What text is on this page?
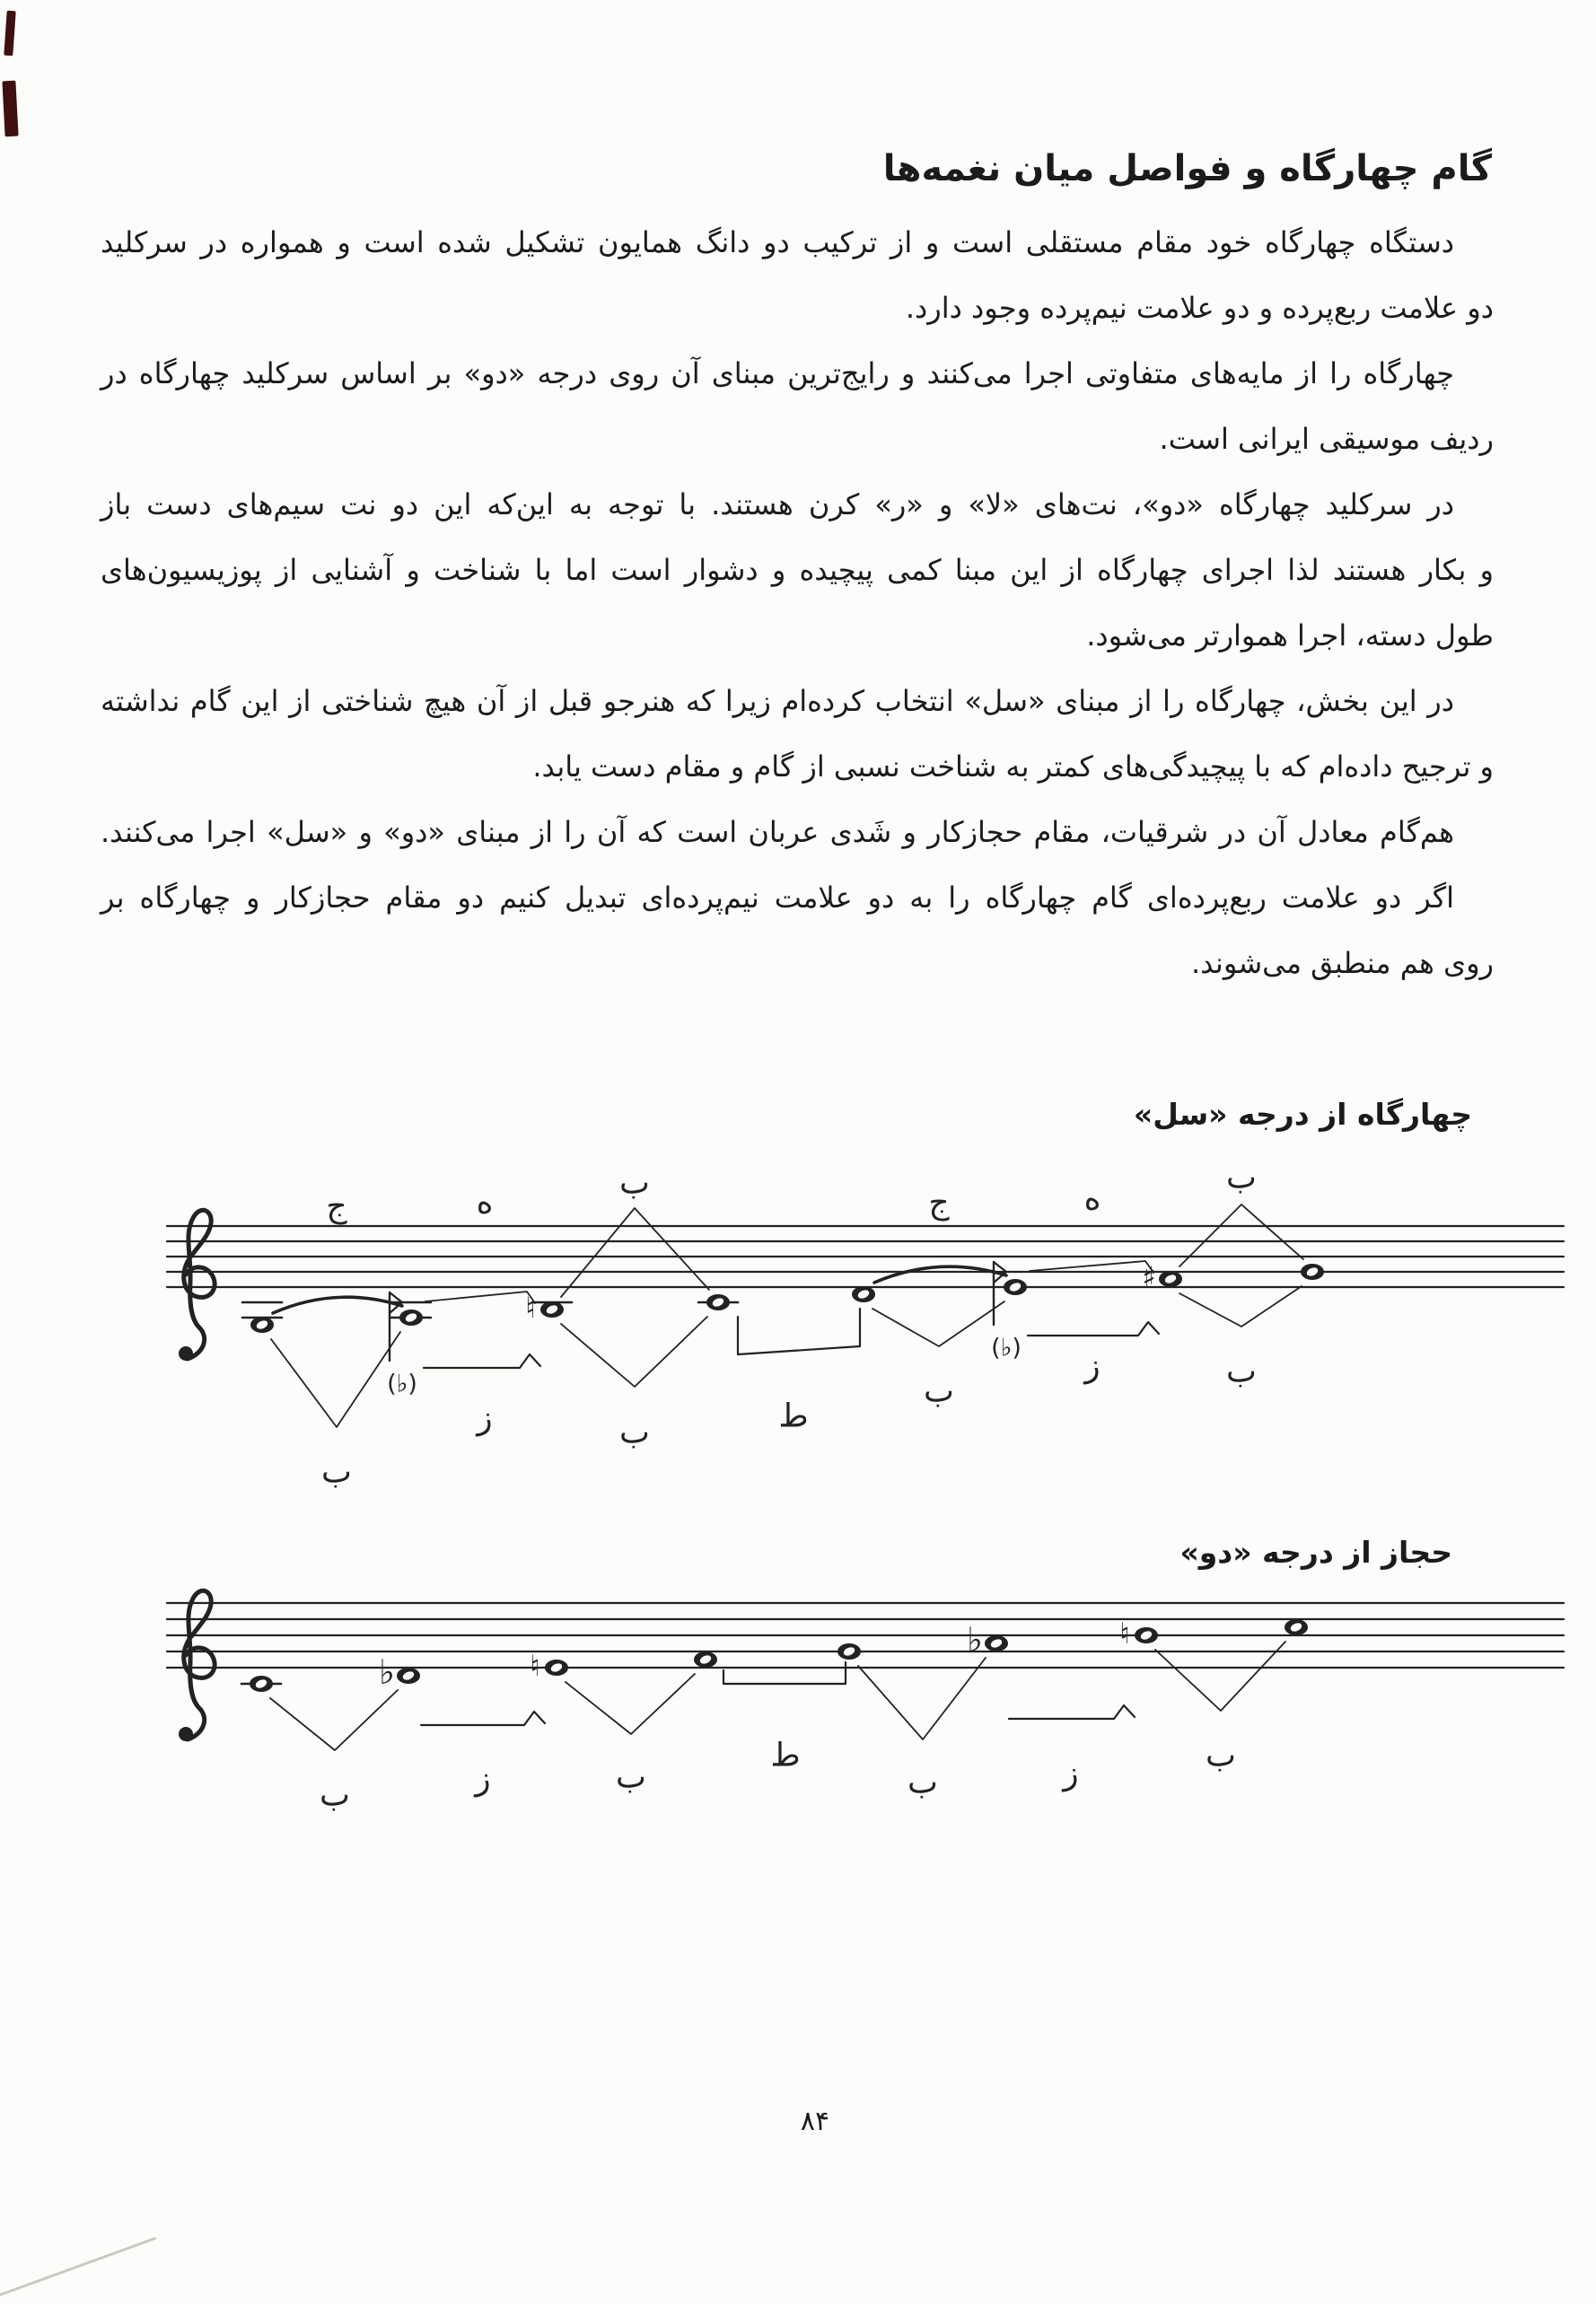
گام چهارگاه و فواصل میان نغمه‌ها

دستگاه چهارگاه خود مقام مستقلی است و از ترکیب دو دانگ همایون تشکیل شده است و همواره در سرکلید

دو علامت ربع‌پرده و دو علامت نیم‌پرده وجود دارد.

چهارگاه را از مایه‌های متفاوتی اجرا می‌کنند و رایج‌ترین مبنای آن روی درجه «دو» بر اساس سرکلید چهارگاه در

ردیف موسیقی ایرانی است.

در سرکلید چهارگاه «دو»، نت‌های «لا» و «ر» کرن هستند. با توجه به این‌که این دو نت سیم‌های دست باز

و بکار هستند لذا اجرای چهارگاه از این مبنا کمی پیچیده و دشوار است اما با شناخت و آشنایی از پوزیسیون‌های

طول دسته، اجرا هموارتر می‌شود.

در این بخش، چهارگاه را از مبنای «سل» انتخاب کرده‌ام زیرا که هنرجو قبل از آن هیچ شناختی از این گام نداشته

و ترجیح داده‌ام که با پیچیدگی‌های کمتر به شناخت نسبی از گام و مقام دست یابد.

هم‌گام معادل آن در شرقیات، مقام حجازکار و شَدی عربان است که آن را از مبنای «دو» و «سل» اجرا می‌کنند.

اگر دو علامت ربع‌پرده‌ای گام چهارگاه را به دو علامت نیم‌پرده‌ای تبدیل کنیم دو مقام حجازکار و چهارگاه بر

روی هم منطبق می‌شوند.

چهارگاه از درجه «سل»
حجاز از درجه «دو»
(♭)
♮
(♭)
♯
ج	ه
ب
ج	ه
ب
ب
ز	ب	ط
ب
ز	ب
♭	♮
♭	♮
ب	ز	ب
ط
ب	ز	ب
۸۴
